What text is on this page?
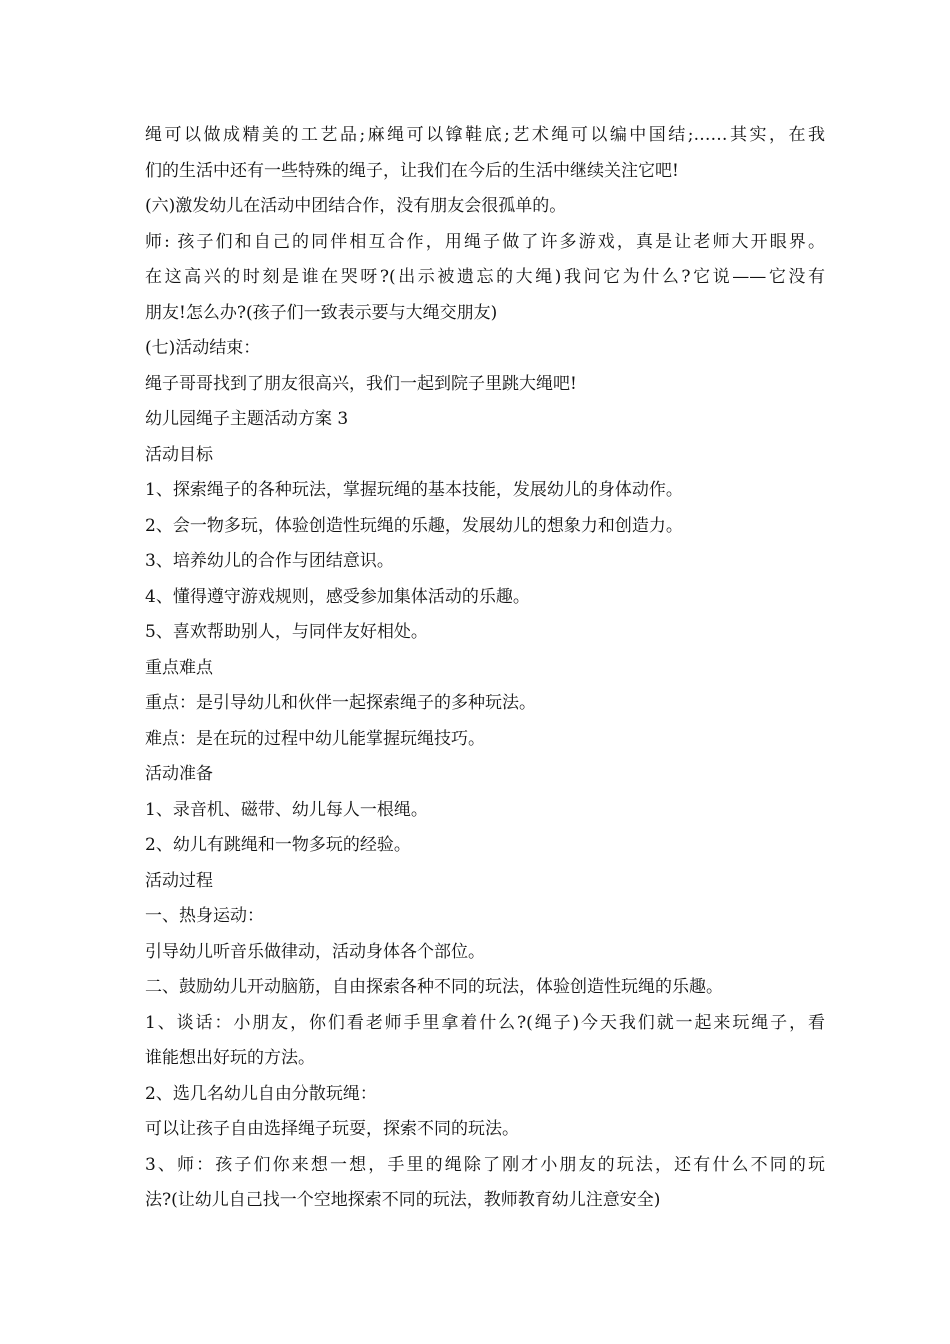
绳可以做成精美的工艺品;麻绳可以镎鞋底;艺术绳可以编中国结;……其实，在我

们的生活中还有一些特殊的绳子，让我们在今后的生活中继续关注它吧!

(六)激发幼儿在活动中团结合作，没有朋友会很孤单的。

师: 孩子们和自己的同伴相互合作，用绳子做了许多游戏，真是让老师大开眼界。

在这高兴的时刻是谁在哭呀?(出示被遗忘的大绳)我问它为什么?它说——它没有

朋友!怎么办?(孩子们一致表示要与大绳交朋友)

(七)活动结束：

绳子哥哥找到了朋友很高兴，我们一起到院子里跳大绳吧!

幼儿园绳子主题活动方案 3

活动目标

1、探索绳子的各种玩法，掌握玩绳的基本技能，发展幼儿的身体动作。

2、会一物多玩，体验创造性玩绳的乐趣，发展幼儿的想象力和创造力。

3、培养幼儿的合作与团结意识。

4、懂得遵守游戏规则，感受参加集体活动的乐趣。

5、喜欢帮助别人，与同伴友好相处。

重点难点

重点：是引导幼儿和伙伴一起探索绳子的多种玩法。

难点：是在玩的过程中幼儿能掌握玩绳技巧。

活动准备

1、录音机、磁带、幼儿每人一根绳。

2、幼儿有跳绳和一物多玩的经验。

活动过程

一、热身运动：

引导幼儿听音乐做律动，活动身体各个部位。

二、鼓励幼儿开动脑筋，自由探索各种不同的玩法，体验创造性玩绳的乐趣。

1、谈话：小朋友，你们看老师手里拿着什么?(绳子)今天我们就一起来玩绳子，看

谁能想出好玩的方法。

2、选几名幼儿自由分散玩绳：

可以让孩子自由选择绳子玩耍，探索不同的玩法。

3、师：孩子们你来想一想，手里的绳除了刚才小朋友的玩法，还有什么不同的玩

法?(让幼儿自己找一个空地探索不同的玩法，教师教育幼儿注意安全)
